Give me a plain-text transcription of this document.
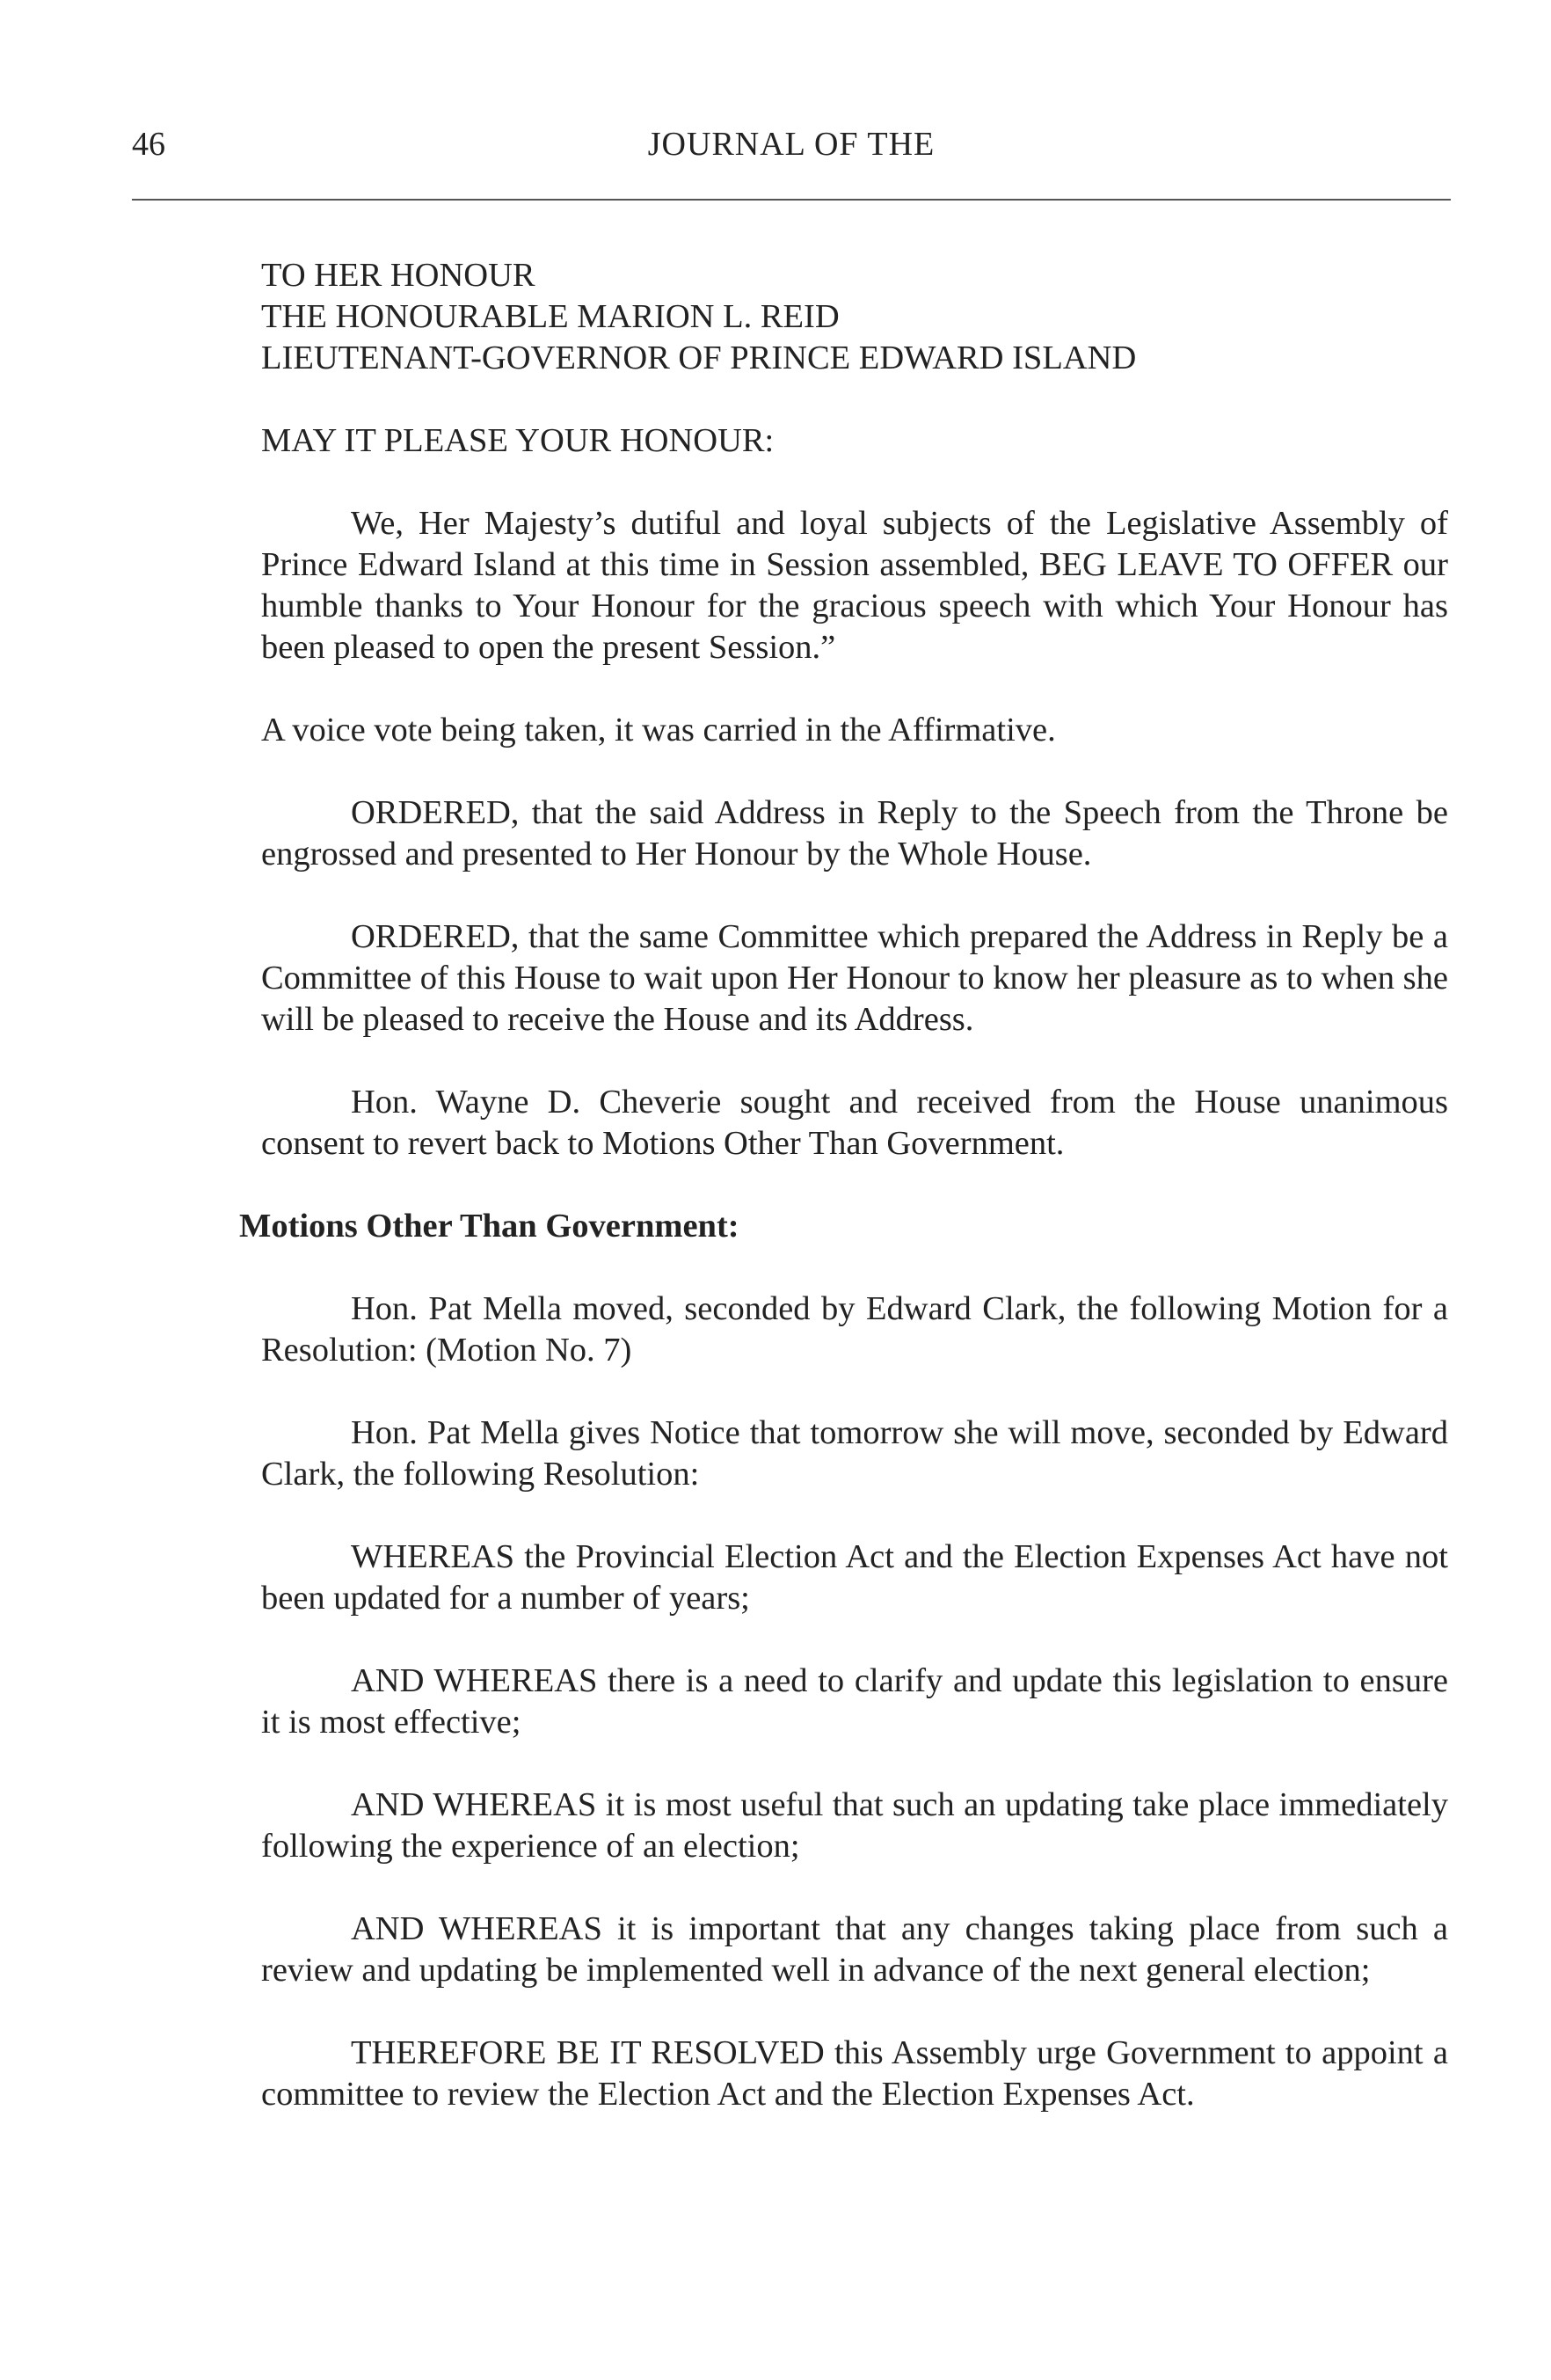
46	JOURNAL OF THE
TO HER HONOUR
THE HONOURABLE MARION L. REID
LIEUTENANT-GOVERNOR OF PRINCE EDWARD ISLAND
MAY IT PLEASE YOUR HONOUR:

We, Her Majesty’s dutiful and loyal subjects of the Legislative Assembly of Prince Edward Island at this time in Session assembled, BEG LEAVE TO OFFER our humble thanks to Your Honour for the gracious speech with which Your Honour has been pleased to open the present Session.”

A voice vote being taken, it was carried in the Affirmative.

ORDERED, that the said Address in Reply to the Speech from the Throne be engrossed and presented to Her Honour by the Whole House.

ORDERED, that the same Committee which prepared the Address in Reply be a Committee of this House to wait upon Her Honour to know her pleasure as to when she will be pleased to receive the House and its Address.

Hon. Wayne D. Cheverie sought and received from the House unanimous consent to revert back to Motions Other Than Government.

Motions Other Than Government:

Hon. Pat Mella moved, seconded by Edward Clark, the following Motion for a Resolution: (Motion No. 7)

Hon. Pat Mella gives Notice that tomorrow she will move, seconded by Edward Clark, the following Resolution:

WHEREAS the Provincial Election Act and the Election Expenses Act have not been updated for a number of years;

AND WHEREAS there is a need to clarify and update this legislation to ensure it is most effective;

AND WHEREAS it is most useful that such an updating take place immediately following the experience of an election;

AND WHEREAS it is important that any changes taking place from such a review and updating be implemented well in advance of the next general election;

THEREFORE BE IT RESOLVED this Assembly urge Government to appoint a committee to review the Election Act and the Election Expenses Act.
